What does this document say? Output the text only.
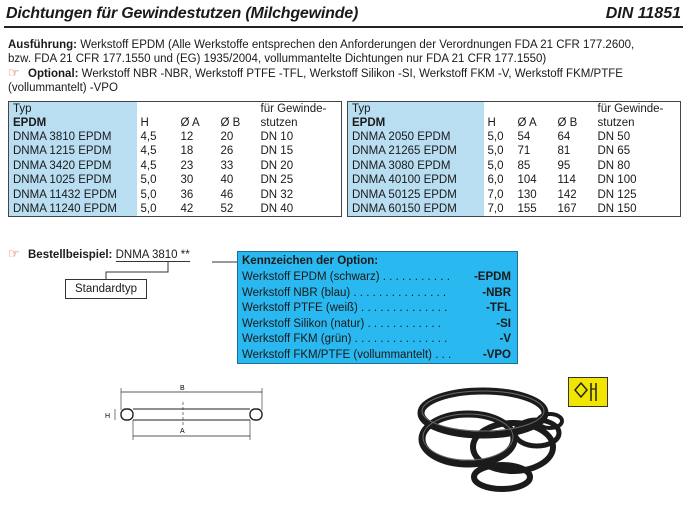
Dichtungen für Gewindestutzen (Milchgewinde)	DIN 11851
Ausführung: Werkstoff EPDM (Alle Werkstoffe entsprechen den Anforderungen der Verordnungen FDA 21 CFR 177.2600,
bzw. FDA 21 CFR 177.1550 und (EG) 1935/2004, vollummantelte Dichtungen nur FDA 21 CFR 177.1550)
☞ Optional: Werkstoff NBR -NBR, Werkstoff PTFE -TFL, Werkstoff Silikon -SI, Werkstoff FKM -V, Werkstoff FKM/PTFE
(vollummantelt) -VPO
Typ				für Gewinde-
EPDM	H	Ø A	Ø B	stutzen
DNMA 3810 EPDM	4,5	12	20	DN 10
DNMA 1215 EPDM	4,5	18	26	DN 15
DNMA 3420 EPDM	4,5	23	33	DN 20
DNMA 1025 EPDM	5,0	30	40	DN 25
DNMA 11432 EPDM	5,0	36	46	DN 32
DNMA 11240 EPDM	5,0	42	52	DN 40
Typ				für Gewinde-
EPDM	H	Ø A	Ø B	stutzen
DNMA 2050 EPDM	5,0	54	64	DN 50
DNMA 21265 EPDM	5,0	71	81	DN 65
DNMA 3080 EPDM	5,0	85	95	DN 80
DNMA 40100 EPDM	6,0	104	114	DN 100
DNMA 50125 EPDM	7,0	130	142	DN 125
DNMA 60150 EPDM	7,0	155	167	DN 150
☞ Bestellbeispiel: DNMA 3810 **
Standardtyp
Kennzeichen der Option:
Werkstoff EPDM (schwarz) . . . . . . . . . . . -EPDM
Werkstoff NBR (blau) . . . . . . . . . . . . . . .	-NBR
Werkstoff PTFE (weiß) . . . . . . . . . . . . . .	-TFL
Werkstoff Silikon (natur) . . . . . . . . . . . .	-SI
Werkstoff FKM (grün) . . . . . . . . . . . . . . .	-V
Werkstoff FKM/PTFE (vollummantelt) . . .	-VPO
B
H
A
